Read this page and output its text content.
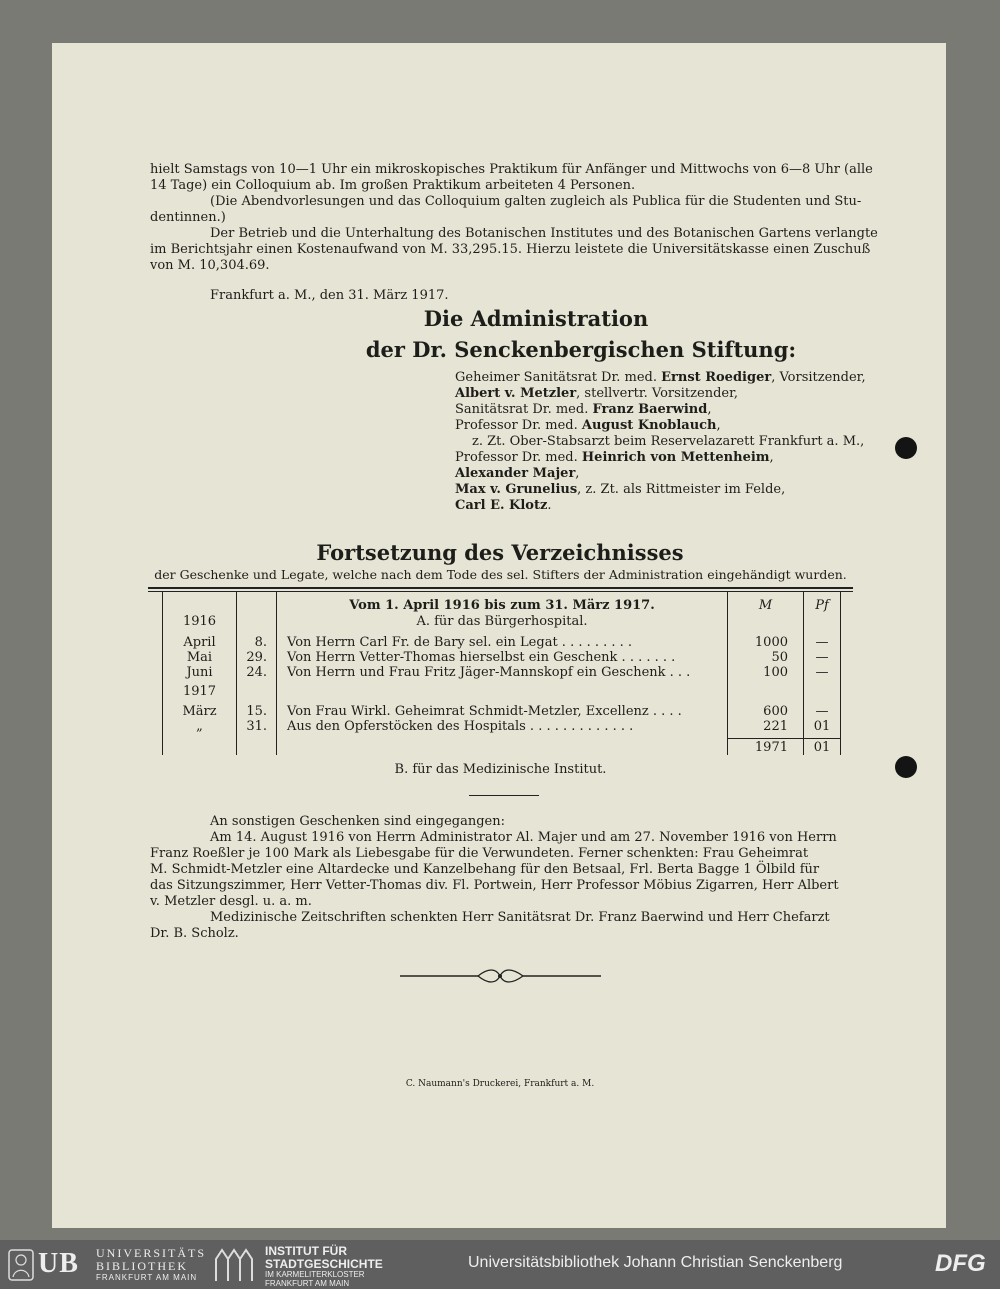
hielt Samstags von 10—1 Uhr ein mikroskopisches Praktikum für Anfänger und Mittwochs von 6—8 Uhr (alle
14 Tage) ein Colloquium ab. Im großen Praktikum arbeiteten 4 Personen.
(Die Abendvorlesungen und das Colloquium galten zugleich als Publica für die Studenten und Stu-
dentinnen.)
Der Betrieb und die Unterhaltung des Botanischen Institutes und des Botanischen Gartens verlangte
im Berichtsjahr einen Kostenaufwand von M. 33,295.15. Hierzu leistete die Universitätskasse einen Zuschuß
von M. 10,304.69.
Frankfurt a. M., den 31. März 1917.
Die Administration
der Dr. Senckenbergischen Stiftung:
Geheimer Sanitätsrat Dr. med. Ernst Roediger, Vorsitzender,
Albert v. Metzler, stellvertr. Vorsitzender,
Sanitätsrat Dr. med. Franz Baerwind,
Professor Dr. med. August Knoblauch,
z. Zt. Ober-Stabsarzt beim Reservelazarett Frankfurt a. M.,
Professor Dr. med. Heinrich von Mettenheim,
Alexander Majer,
Max v. Grunelius, z. Zt. als Rittmeister im Felde,
Carl E. Klotz.
Fortsetzung des Verzeichnisses
der Geschenke und Legate, welche nach dem Tode des sel. Stifters der Administration eingehändigt wurden.
Vom 1. April 1916 bis zum 31. März 1917.	M	Pf
A. für das Bürgerhospital.
1916
April	8. Von Herrn Carl Fr. de Bary sel. ein Legat . . . . . . . . .	1000	—
Mai	29. Von Herrn Vetter-Thomas hierselbst ein Geschenk . . . . . . .	50	—
Juni	24. Von Herrn und Frau Fritz Jäger-Mannskopf ein Geschenk . . .	100	—
1917
März	15. Von Frau Wirkl. Geheimrat Schmidt-Metzler, Excellenz . . . .	600	—
„	31. Aus den Opferstöcken des Hospitals . . . . . . . . . . . . .	221	01
1971	01
B. für das Medizinische Institut.
An sonstigen Geschenken sind eingegangen:
Am 14. August 1916 von Herrn Administrator Al. Majer und am 27. November 1916 von Herrn
Franz Roeßler je 100 Mark als Liebesgabe für die Verwundeten. Ferner schenkten: Frau Geheimrat
M. Schmidt-Metzler eine Altardecke und Kanzelbehang für den Betsaal, Frl. Berta Bagge 1 Ölbild für
das Sitzungszimmer, Herr Vetter-Thomas div. Fl. Portwein, Herr Professor Möbius Zigarren, Herr Albert
v. Metzler desgl. u. a. m.
Medizinische Zeitschriften schenkten Herr Sanitätsrat Dr. Franz Baerwind und Herr Chefarzt
Dr. B. Scholz.
C. Naumann's Druckerei, Frankfurt a. M.
UB UNIVERSITÄTS
BIBLIOTHEK
FRANKFURT AM MAIN
INSTITUT FÜR
STADTGESCHICHTE
IM KARMELITERKLOSTER
FRANKFURT AM MAIN
Universitätsbibliothek Johann Christian Senckenberg	DFG
